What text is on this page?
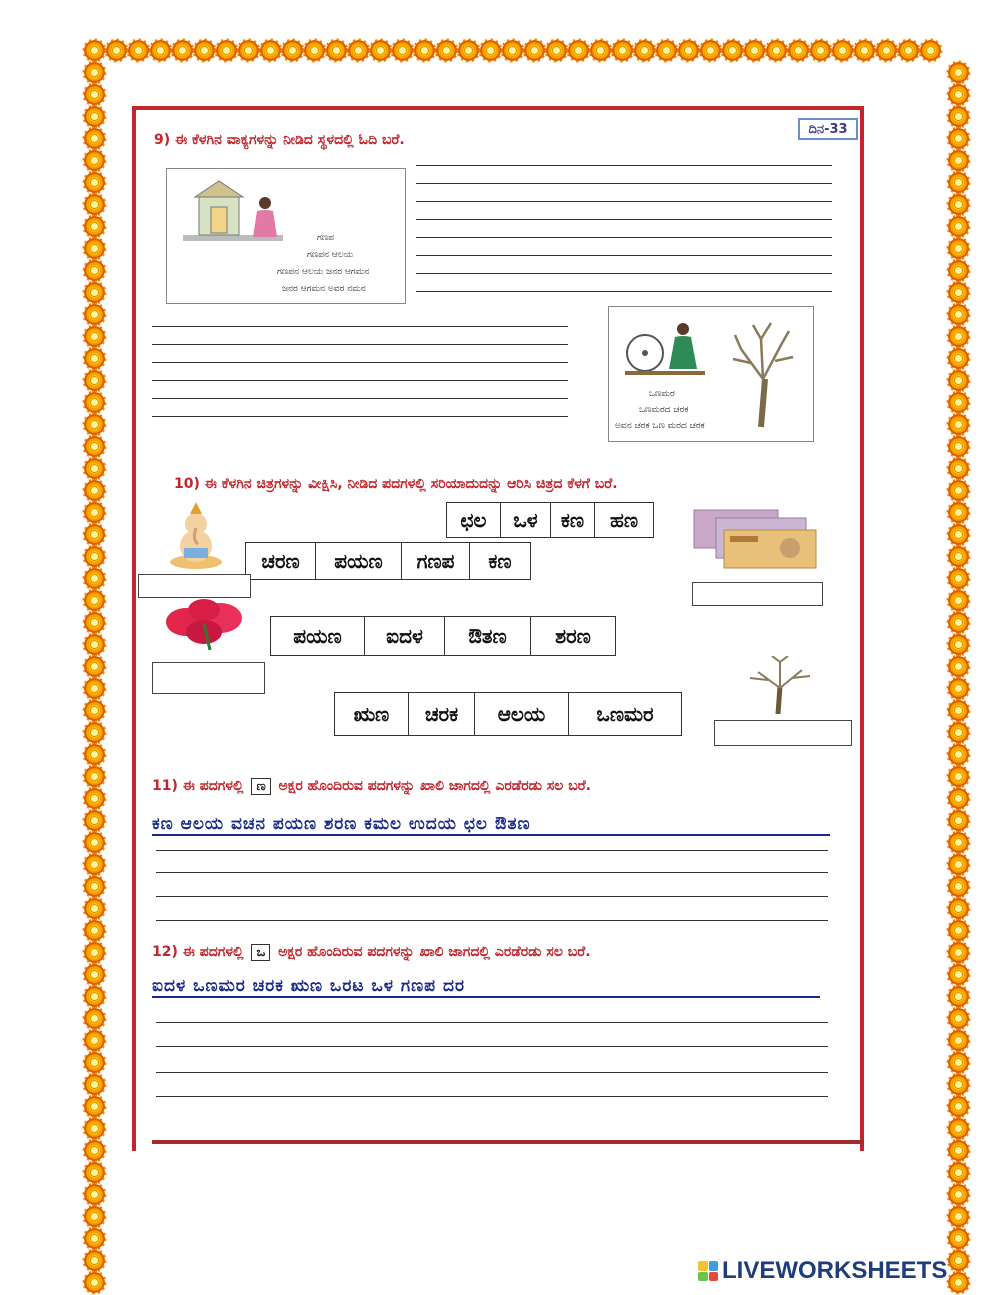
ದಿನ-33
9) ಈ ಕೆಳಗಿನ ವಾಕ್ಯಗಳನ್ನು ನೀಡಿದ ಸ್ಥಳದಲ್ಲಿ ಓದಿ ಬರೆ.
ಗಣಪ
ಗಣಪನ ಆಲಯ
ಗಣಪನ ಆಲಯ ಜನರ ಆಗಮನ
ಜನರ ಆಗಮನ ಅವರ ನಮನ
ಒಣಮರ
ಒಣಮರದ ಚರಕ
ಅವನ ಚರಕ ಒಣ ಮರದ ಚರಕ
10) ಈ ಕೆಳಗಿನ ಚಿತ್ರಗಳನ್ನು ವೀಕ್ಷಿಸಿ, ನೀಡಿದ ಪದಗಳಲ್ಲಿ ಸರಿಯಾದುದನ್ನು ಆರಿಸಿ ಚಿತ್ರದ ಕೆಳಗೆ ಬರೆ.
ಛಲ	ಒಳ	ಕಣ	ಹಣ
ಚರಣ	ಪಯಣ	ಗಣಪ	ಕಣ
ಪಯಣ	ಐದಳ	ಔತಣ	ಶರಣ
ಋಣ	ಚರಕ	ಆಲಯ	ಒಣಮರ
11) ಈ ಪದಗಳಲ್ಲಿ ಣ ಅಕ್ಷರ ಹೊಂದಿರುವ ಪದಗಳನ್ನು ಖಾಲಿ ಜಾಗದಲ್ಲಿ ಎರಡೆರಡು ಸಲ ಬರೆ.
ಕಣ ಆಲಯ ವಚನ ಪಯಣ ಶರಣ ಕಮಲ ಉದಯ ಛಲ ಔತಣ
12) ಈ ಪದಗಳಲ್ಲಿ ಒ ಅಕ್ಷರ ಹೊಂದಿರುವ ಪದಗಳನ್ನು ಖಾಲಿ ಜಾಗದಲ್ಲಿ ಎರಡೆರಡು ಸಲ ಬರೆ.
ಐದಳ ಒಣಮರ ಚರಕ ಋಣ ಒರಟ ಒಳ ಗಣಪ ದರ
LIVEWORKSHEETS
